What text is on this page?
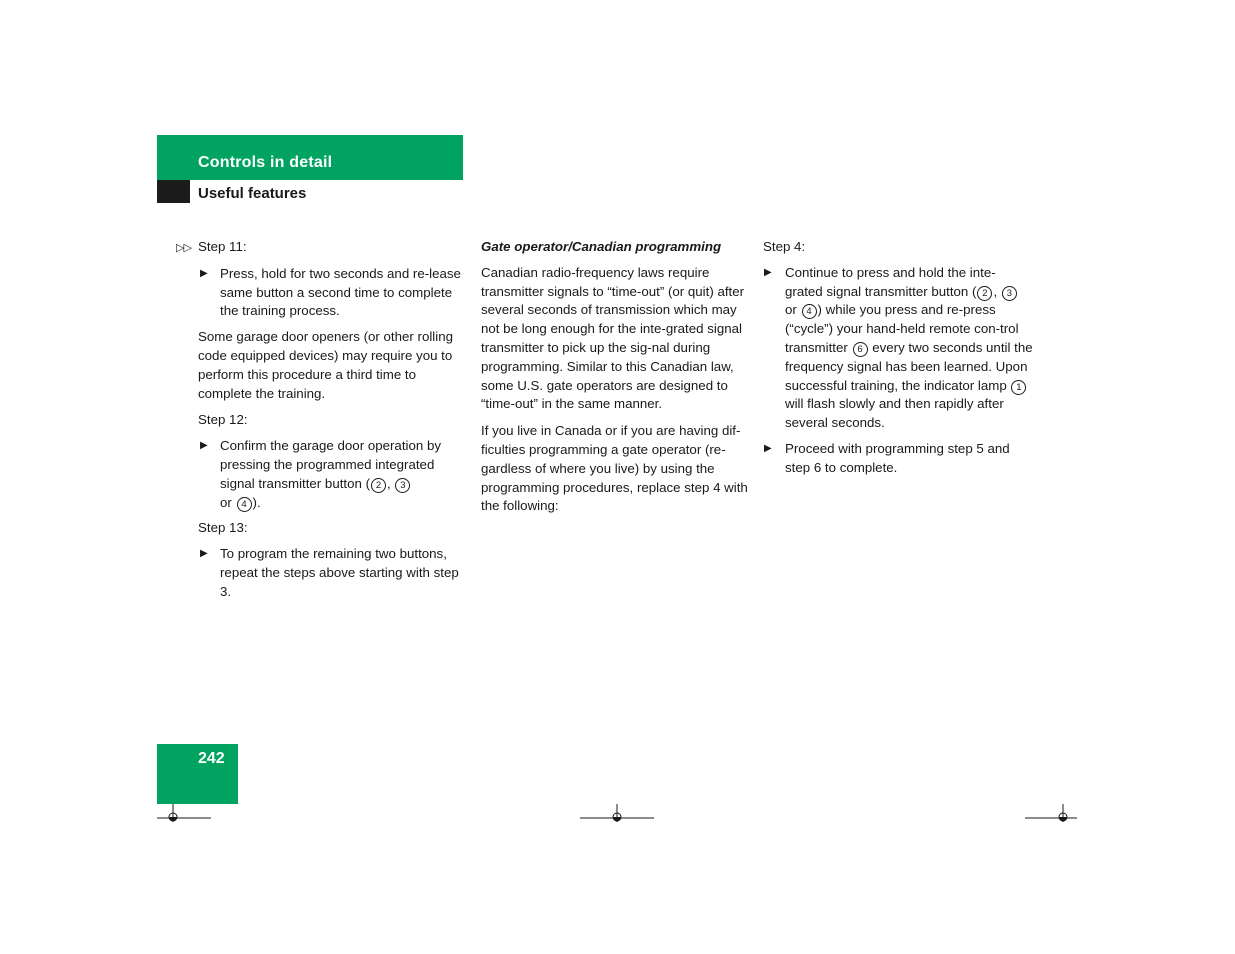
Controls in detail
Useful features

▷▷ Step 11:

▶ Press, hold for two seconds and re-lease same button a second time to complete the training process.

Some garage door openers (or other rolling code equipped devices) may require you to perform this procedure a third time to complete the training.

Step 12:

▶ Confirm the garage door operation by pressing the programmed integrated signal transmitter button ( 2 , 3
or 4 ).

Step 13:

▶ To program the remaining two buttons, repeat the steps above starting with step 3.

Gate operator/Canadian programming

Canadian radio-frequency laws require transmitter signals to “time-out” (or quit) after several seconds of transmission which may not be long enough for the inte-grated signal transmitter to pick up the sig-nal during programming. Similar to this Canadian law, some U.S. gate operators are designed to “time-out” in the same manner.

If you live in Canada or if you are having dif-ficulties programming a gate operator (re-gardless of where you live) by using the programming procedures, replace step 4 with the following:

Step 4:

▶ Continue to press and hold the inte-grated signal transmitter button ( 2 , 3 or 4 ) while you press and re-press (“cycle”) your hand-held remote con-trol transmitter 6 every two seconds until the frequency signal has been learned. Upon successful training, the indicator lamp 1 will flash slowly and then rapidly after several seconds.

▶ Proceed with programming step 5 and step 6 to complete.

242
